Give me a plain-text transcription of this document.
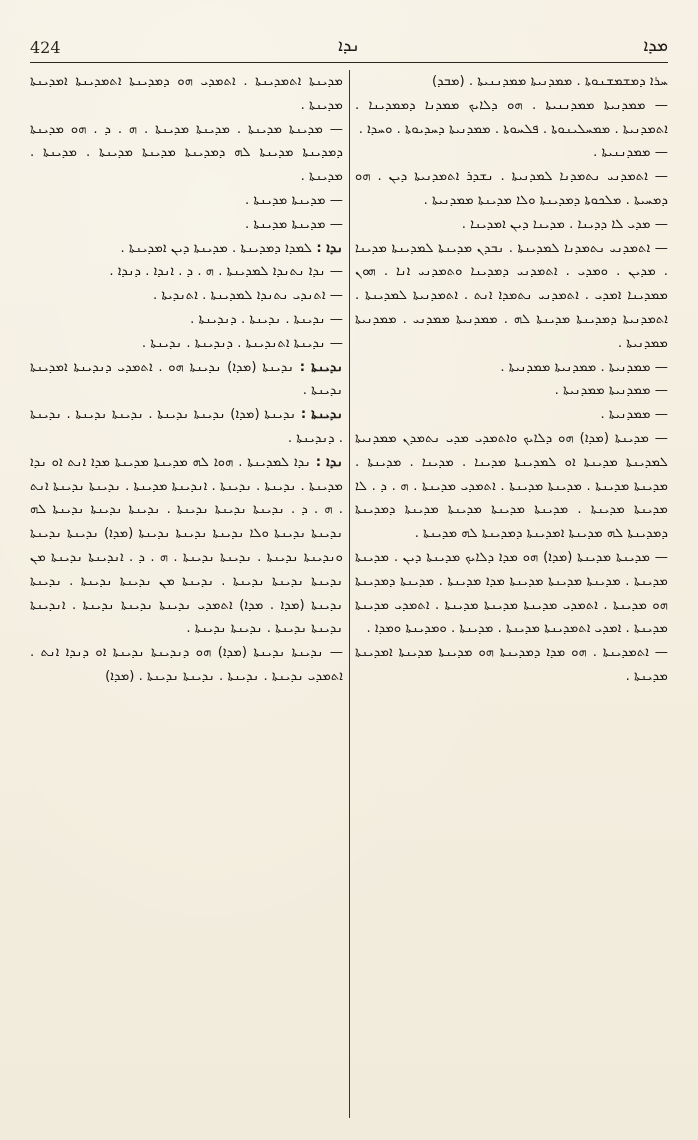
424	ܢܕܐ	ܡܕܐ

ܚܪܐ ܕܡܫܡܫܢܘܬܐ . ܡܡܕܢܝܬܐ ܡܡܕܢܢܝܬܐ . (ܡܒܕ)

— ܡܡܕܢܝܬܐ ܡܡܕܢܢܝܬܐ . ܗܘ ܕܠܐܝܟ ܡܡܕܢܐ ܕܡܡܕܝܢܐ . ܐܬܡܕܢܝܬܐ . ܡܡܚܠܝܢܘܬܐ . ܦܠܚܘܬܐ . ܡܡܕܢܝܬܐ ܕܚܕܝܘܬܐ . ܘܚܕܐ .

— ܡܡܕܢܢܝܬܐ .

— ܐܬܡܕܢܝ ܢܬܡܕܢܐ ܠܡܕܢܝܬܐ . ܢܫܕܪ ܐܬܡܕܢܝܬܐ ܕܝܢ . ܗܘ ܕܡܚܝܬܐ . ܡܠܟܘܬܐ ܕܡܕܝܢܬܐ ܘܠܐ ܡܕܝܢܬܐ ܡܡܕܢܝܬܐ .

— ܡܕܝ ܠܐ ܕܕܝܢܐ . ܡܕܝܢܐ ܕܝܢ ܐܡܕܝܢܐ .

— ܐܬܡܕܢܝ ܢܬܡܕܢܐ ܠܡܕܝܢܬܐ . ܢܒܕܢ ܡܕܝܢܬܐ ܠܡܕܝܢܬܐ ܡܕܝܢܐ . ܡܕܝܢ . ܘܡܕܝ . ܐܬܡܕܢܝ ܕܡܕܝܢܐ ܘܬܡܕܢܝ ܐܢܐ . ܗܘܢ ܡܡܕܝܢܐ ܐܡܕܝ . ܐܬܡܕܢܝ ܢܬܡܕܐ ܐܢܬ . ܐܬܡܕܢܝܬܐ ܠܡܕܝܢܬܐ . ܐܬܡܕܢܝܬܐ ܕܡܕܝܢܬܐ ܡܕܝܢܬܐ ܠܗ . ܡܡܕܢܝܬܐ ܡܡܕܢܝ . ܡܡܕܢܝܬܐ ܡܡܕܢܝܬܐ .

— ܡܡܕܢܝܬܐ . ܡܡܕܢܝܬܐ ܡܡܕܢܝܬܐ .

— ܡܡܕܢܝܬܐ ܡܡܕܢܝܬܐ .

— ܡܡܕܢܝܬܐ .

— ܡܕܝܢܬܐ (ܡܕܐ) ܗܘ ܕܠܐܝܟ ܘܐܬܡܕܝ ܡܕܝ ܢܬܡܕܢ ܡܡܕܢܝܬܐ ܠܡܕܝܢܬܐ ܡܕܝܢܬܐ ܐܘ ܠܡܕܝܢܬܐ ܡܕܝܢܐ . ܡܕܝܢܐ . ܡܕܝܢܬܐ . ܡܕܝܢܬܐ ܡܕܝܢܬܐ . ܡܕܝܢܬܐ ܡܕܝܢܬܐ . ܐܬܡܕܝ ܡܕܝܢܬܐ . ܗ . ܕ . ܠܐ ܡܕܝܢܬܐ ܡܕܝܢܬܐ . ܡܕܝܢܬܐ ܡܕܝܢܬܐ ܡܕܝܢܬܐ ܡܕܝܢܬܐ ܕܡܕܝܢܬܐ ܕܡܕܝܢܬܐ ܠܗ ܡܕܝܢܬܐ ܐܡܕܝܢܬܐ ܕܡܕܝܢܬܐ ܠܗ ܡܕܝܢܬܐ .

— ܡܕܝܢܬܐ ܡܕܝܢܬܐ (ܡܕܐ) ܗܘ ܡܕܐ ܕܠܐܝܟ ܡܕܝܢܬܐ ܕܝܢ . ܡܕܝܢܬܐ ܡܕܝܢܬܐ . ܡܕܝܢܬܐ ܡܕܝܢܬܐ ܡܕܝܢܬܐ ܡܕܐ ܡܕܝܢܬܐ . ܡܕܝܢܬܐ ܕܡܕܝܢܬܐ ܗܘ ܡܕܝܢܬܐ . ܐܬܡܕܝ ܡܕܝܢܬܐ ܡܕܝܢܬܐ ܡܕܝܢܬܐ . ܐܬܡܕܝ ܡܕܝܢܬܐ ܡܕܝܢܬܐ . ܐܡܕܝ ܐܬܡܕܝܢܬܐ ܡܕܝܢܬܐ . ܡܕܝܢܬܐ . ܘܡܕܝܢܬܐ ܘܡܕܐ .

— ܐܬܡܕܝܢܬܐ . ܗܘ ܡܕܐ ܕܡܕܝܢܬܐ ܗܘ ܡܕܝܢܬܐ ܡܕܝܢܬܐ ܐܡܕܝܢܬܐ ܡܕܝܢܬܐ .

ܡܕܝܢܬܐ ܐܬܡܕܝܢܬܐ . ܐܬܡܕܝ ܗܘ ܕܡܕܝܢܬܐ ܐܬܡܕܝܢܬܐ ܐܡܕܝܢܬܐ ܡܕܝܢܬܐ .

— ܡܕܝܢܬܐ ܡܕܝܢܬܐ . ܡܕܝܢܬܐ ܡܕܝܢܬܐ . ܗ . ܕ . ܗܘ ܡܕܝܢܬܐ ܕܡܕܝܢܬܐ ܡܕܝܢܬܐ ܠܗ ܕܡܕܝܢܬܐ ܡܕܝܢܬܐ ܡܕܝܢܬܐ . ܡܕܝܢܬܐ . ܡܕܝܢܬܐ .

— ܡܕܝܢܬܐ ܡܕܝܢܬܐ .

— ܡܕܝܢܬܐ ܡܕܝܢܬܐ .

ܢܕܐ : ܠܡܕܐ ܕܡܕܝܢܬܐ . ܡܕܝܢܬܐ ܕܝܢ ܐܡܕܝܢܬܐ .

— ܢܕܐ ܢܬܢܕܐ ܠܡܕܝܢܬܐ . ܗ . ܕ . ܐܢܕܐ . ܕܢܕܐ .

— ܐܬܢܕܝ ܢܬܢܕܐ ܠܡܕܝܢܬܐ . ܐܬܢܕܝܬܐ .

— ܢܕܝܢܬܐ . ܢܕܝܢܬܐ . ܕܢܕܝܢܬܐ .

— ܢܕܝܢܬܐ ܐܬܢܕܝܢܬܐ . ܕܢܕܝܢܬܐ . ܢܕܝܢܬܐ .

ܢܕܝܢܬܐ : ܢܕܝܢܬܐ (ܡܕܐ) ܢܕܝܢܬܐ ܗܘ . ܐܬܡܕܝ ܕܢܕܝܢܬܐ ܐܡܕܝܢܬܐ ܢܕܝܢܬܐ .

ܢܕܝܢܬܐ : ܢܕܝܢܬܐ (ܡܕܐ) ܢܕܝܢܬܐ ܢܕܝܢܬܐ . ܢܕܝܢܬܐ ܢܕܝܢܬܐ . ܢܕܝܢܬܐ . ܕܢܕܝܢܬܐ .

ܢܕܐ : ܢܕܐ ܠܡܕܝܢܬܐ . ܗܘܐ ܠܗ ܡܕܝܢܬܐ ܡܕܝܢܬܐ ܡܕܐ ܐܢܬ ܐܘ ܢܕܐ ܡܕܝܢܬܐ . ܢܕܝܢܬܐ . ܢܕܝܢܬܐ . ܐܢܕܝܢܬܐ ܡܕܝܢܬܐ . ܢܕܝܢܬܐ ܢܕܝܢܬܐ ܐܢܬ . ܗ . ܕ . ܢܕܝܢܬܐ ܢܕܝܢܬܐ ܢܕܝܢܬܐ . ܢܕܝܢܬܐ ܢܕܝܢܬܐ ܢܕܝܢܬܐ ܠܗ ܢܕܝܢܬܐ ܢܕܝܢܬܐ ܘܠܐ ܢܕܝܢܬܐ ܢܕܝܢܬܐ ܢܕܝܢܬܐ (ܡܕܐ) ܢܕܝܢܬܐ ܢܕܝܢܬܐ ܘܢܕܝܢܬܐ ܢܕܝܢܬܐ . ܢܕܝܢܬܐ ܢܕܝܢܬܐ . ܗ . ܕ . ܐܢܕܝܢܬܐ ܢܕܝܢܬܐ ܡܢ ܢܕܝܢܬܐ ܢܕܝܢܬܐ ܢܕܝܢܬܐ . ܢܕܝܢܬܐ ܡܢ ܢܕܝܢܬܐ ܢܕܝܢܬܐ . ܢܕܝܢܬܐ ܢܕܝܢܬܐ (ܡܕܐ . ܡܕܐ) ܐܬܡܕܝ ܢܕܝܢܬܐ ܢܕܝܢܬܐ ܢܕܝܢܬܐ . ܐܢܕܝܢܬܐ ܢܕܝܢܬܐ ܢܕܝܢܬܐ . ܢܕܝܢܬܐ ܢܕܝܢܬܐ .

— ܢܕܝܢܬܐ ܢܕܝܢܬܐ (ܡܕܐ) ܗܘ ܕܢܕܝܢܬܐ ܢܕܝܢܬܐ ܐܘ ܕܢܕܐ ܐܢܬ . ܐܬܡܕܝ ܢܕܝܢܬܐ . ܢܕܝܢܬܐ . ܢܕܝܢܬܐ ܢܕܝܢܬܐ . (ܡܕܐ)
